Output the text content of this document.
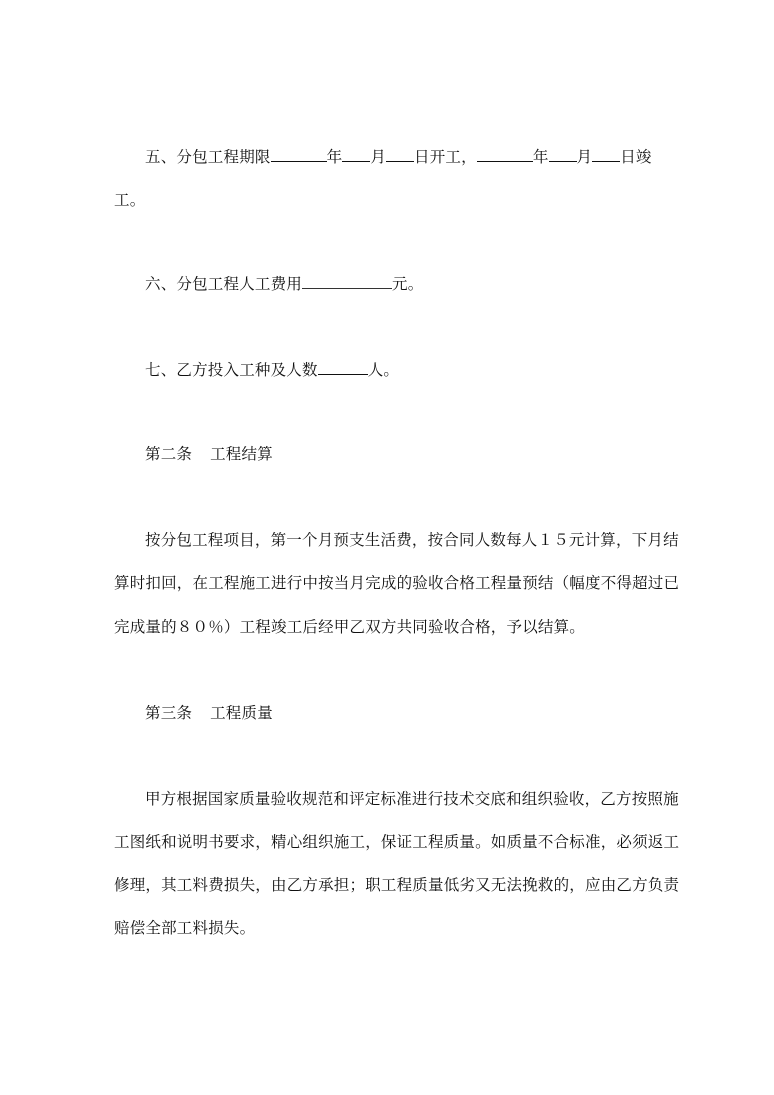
五、分包工程期限	年 月 日开工，	年 月 日竣
工。
六、分包工程人工费用	元。
七、乙方投入工种及人数	人。
第二条 工程结算
按分包工程项目，第一个月预支生活费，按合同人数每人１５元计算，下月结
算时扣回，在工程施工进行中按当月完成的验收合格工程量预结（幅度不得超过已
完成量的８０％）工程竣工后经甲乙双方共同验收合格，予以结算。
第三条 工程质量
甲方根据国家质量验收规范和评定标准进行技术交底和组织验收，乙方按照施
工图纸和说明书要求，精心组织施工，保证工程质量。如质量不合标准，必须返工
修理，其工料费损失，由乙方承担；职工程质量低劣又无法挽救的，应由乙方负责
赔偿全部工料损失。
